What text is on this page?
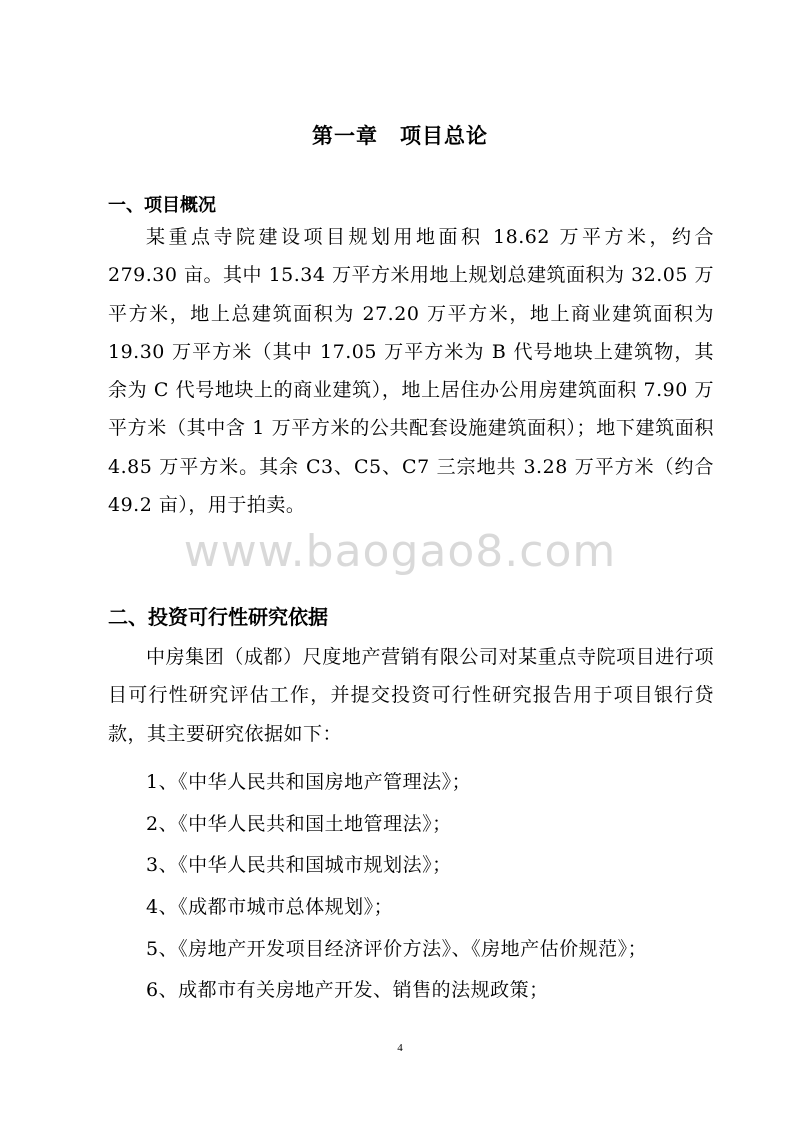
第一章　项目总论
一、项目概况

某重点寺院建设项目规划用地面积 18.62 万平方米，约合 279.30 亩。其中 15.34 万平方米用地上规划总建筑面积为 32.05 万平方米，地上总建筑面积为 27.20 万平方米，地上商业建筑面积为 19.30 万平方米（其中 17.05 万平方米为 B 代号地块上建筑物，其余为 C 代号地块上的商业建筑），地上居住办公用房建筑面积 7.90 万平方米（其中含 1 万平方米的公共配套设施建筑面积）；地下建筑面积 4.85 万平方米。其余 C3、C5、C7 三宗地共 3.28 万平方米（约合 49.2 亩），用于拍卖。

www.baogao8.com
二、投资可行性研究依据

中房集团（成都）尺度地产营销有限公司对某重点寺院项目进行项目可行性研究评估工作，并提交投资可行性研究报告用于项目银行贷款，其主要研究依据如下：

1、《中华人民共和国房地产管理法》；
2、《中华人民共和国土地管理法》；
3、《中华人民共和国城市规划法》；
4、《成都市城市总体规划》；
5、《房地产开发项目经济评价方法》、《房地产估价规范》；
6、成都市有关房地产开发、销售的法规政策；
4
